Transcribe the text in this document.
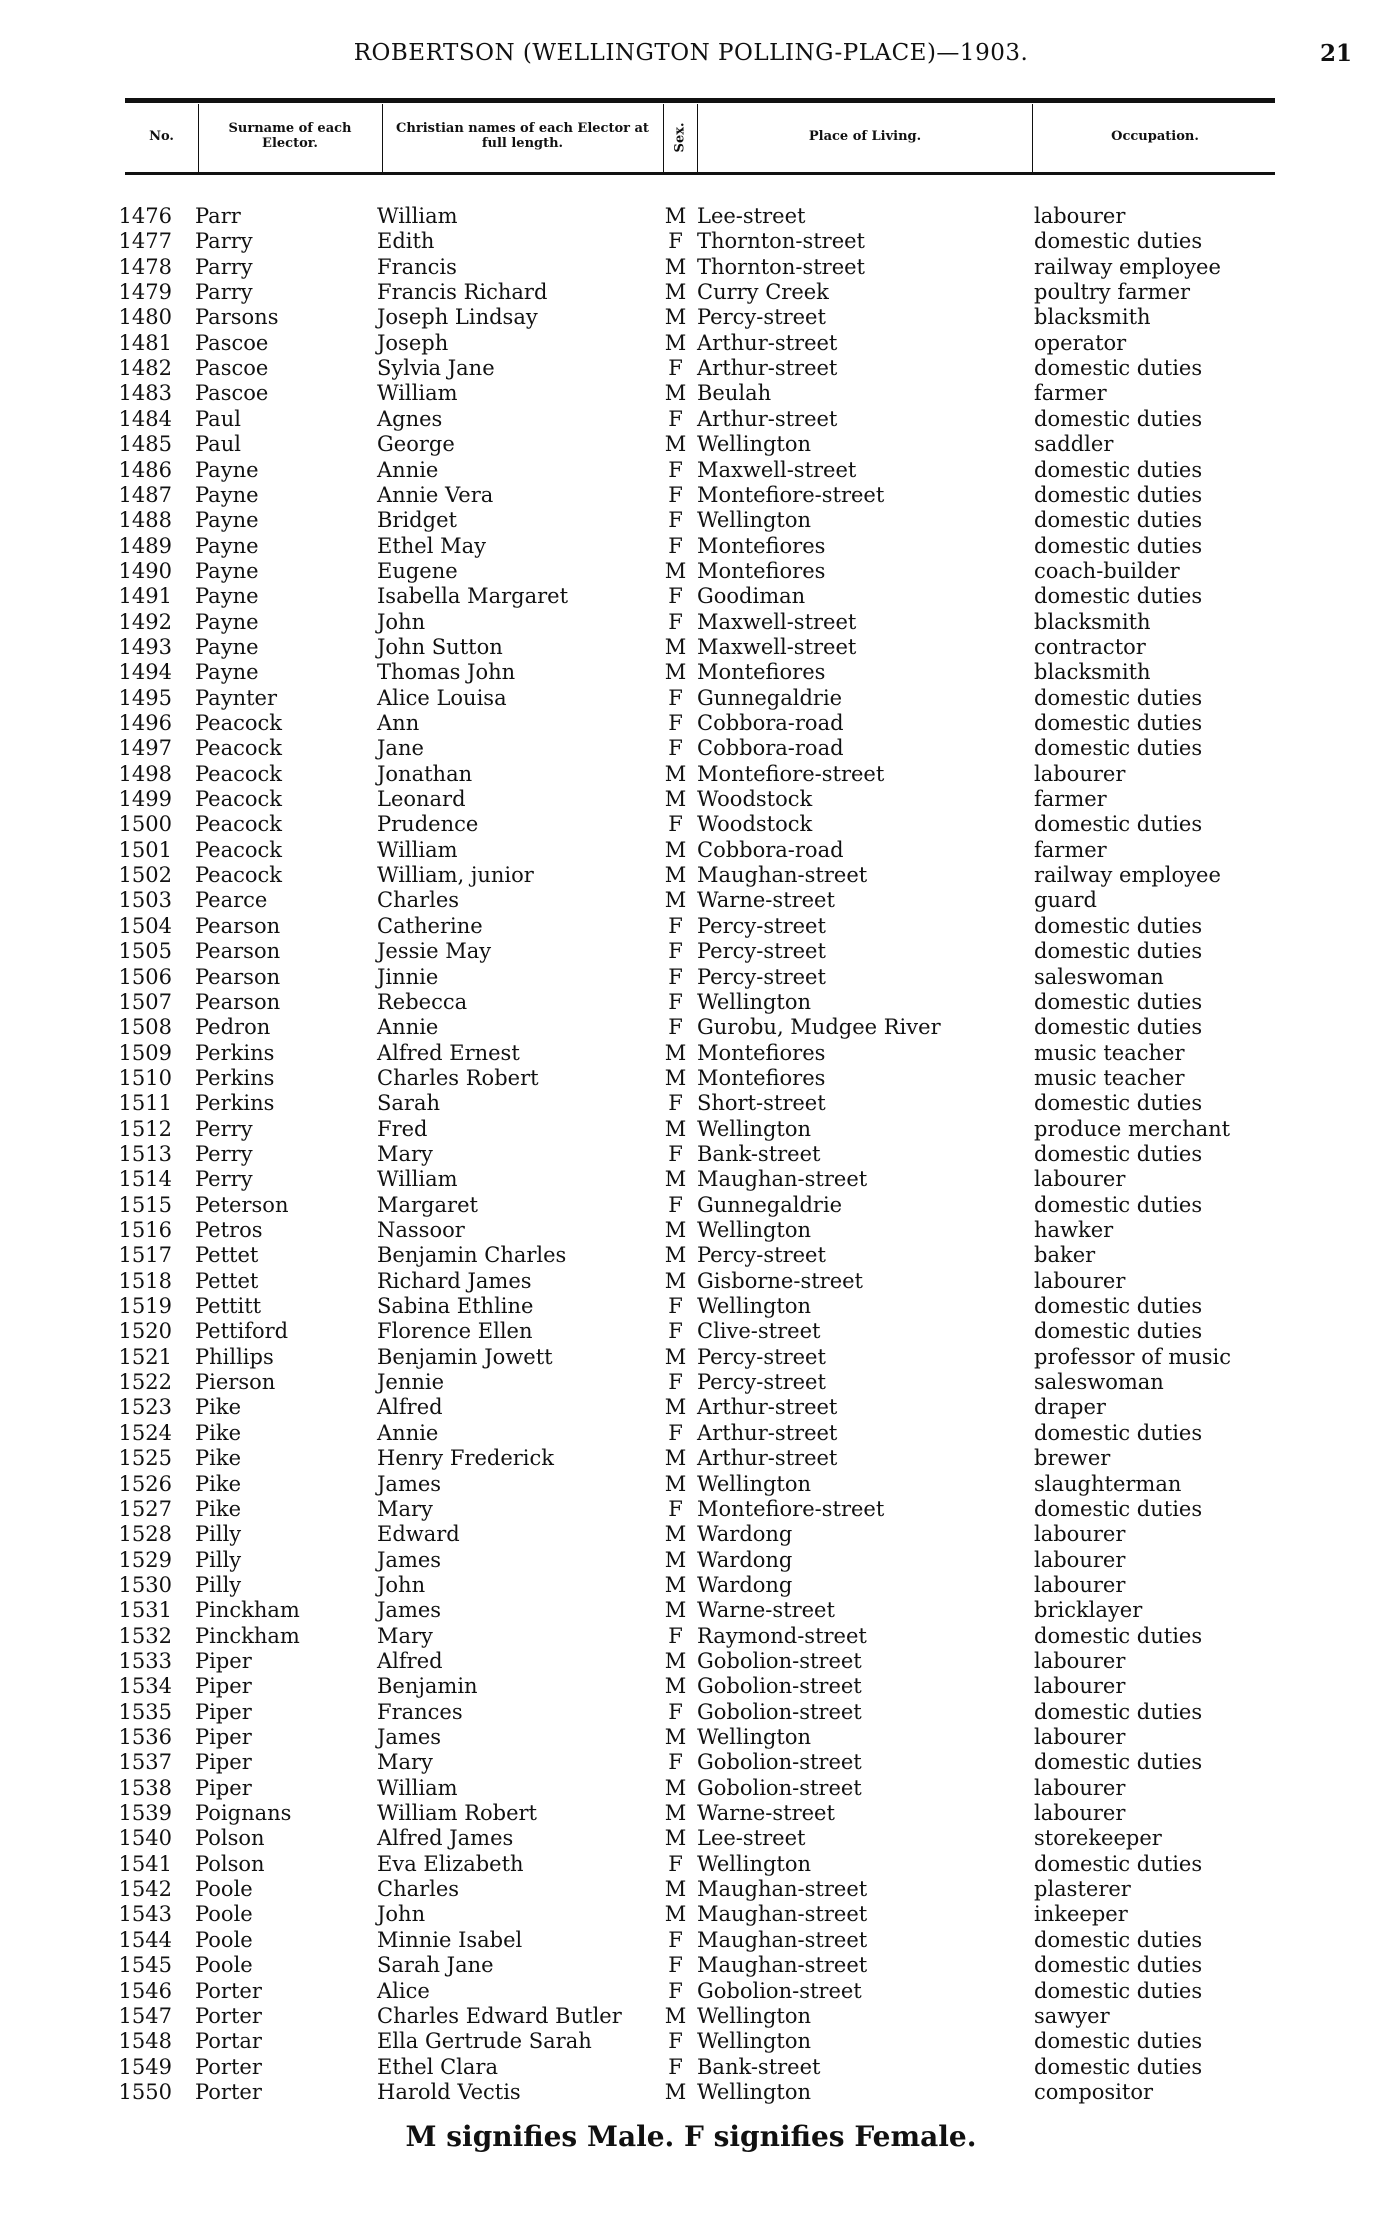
ROBERTSON (WELLINGTON POLLING-PLACE)—1903.	21
No.	Surname of each Elector.
Christian names of each Elector at full length.	Sex.	Place of Living.	Occupation.
1476 Parr	William	M Lee-street	labourer
1477 Parry	Edith	F Thornton-street	domestic duties
1478 Parry	Francis	M Thornton-street	railway employee
1479 Parry	Francis Richard	M Curry Creek	poultry farmer
1480 Parsons	Joseph Lindsay	M Percy-street	blacksmith
1481 Pascoe	Joseph	M Arthur-street	operator
1482 Pascoe	Sylvia Jane	F Arthur-street	domestic duties
1483 Pascoe	William	M Beulah	farmer
1484 Paul	Agnes	F Arthur-street	domestic duties
1485 Paul	George	M Wellington	saddler
1486 Payne	Annie	F Maxwell-street	domestic duties
1487 Payne	Annie Vera	F Montefiore-street	domestic duties
1488 Payne	Bridget	F Wellington	domestic duties
1489 Payne	Ethel May	F Montefiores	domestic duties
1490 Payne	Eugene	M Montefiores	coach-builder
1491 Payne	Isabella Margaret	F Goodiman	domestic duties
1492 Payne	John	F Maxwell-street	blacksmith
1493 Payne	John Sutton	M Maxwell-street	contractor
1494 Payne	Thomas John	M Montefiores	blacksmith
1495 Paynter	Alice Louisa	F Gunnegaldrie	domestic duties
1496 Peacock	Ann	F Cobbora-road	domestic duties
1497 Peacock	Jane	F Cobbora-road	domestic duties
1498 Peacock	Jonathan	M Montefiore-street	labourer
1499 Peacock	Leonard	M Woodstock	farmer
1500 Peacock	Prudence	F Woodstock	domestic duties
1501 Peacock	William	M Cobbora-road	farmer
1502 Peacock	William, junior	M Maughan-street	railway employee
1503 Pearce	Charles	M Warne-street	guard
1504 Pearson	Catherine	F Percy-street	domestic duties
1505 Pearson	Jessie May	F Percy-street	domestic duties
1506 Pearson	Jinnie	F Percy-street	saleswoman
1507 Pearson	Rebecca	F Wellington	domestic duties
1508 Pedron	Annie	F Gurobu, Mudgee River	domestic duties
1509 Perkins	Alfred Ernest	M Montefiores	music teacher
1510 Perkins	Charles Robert	M Montefiores	music teacher
1511 Perkins	Sarah	F Short-street	domestic duties
1512 Perry	Fred	M Wellington	produce merchant
1513 Perry	Mary	F Bank-street	domestic duties
1514 Perry	William	M Maughan-street	labourer
1515 Peterson	Margaret	F Gunnegaldrie	domestic duties
1516 Petros	Nassoor	M Wellington	hawker
1517 Pettet	Benjamin Charles	M Percy-street	baker
1518 Pettet	Richard James	M Gisborne-street	labourer
1519 Pettitt	Sabina Ethline	F Wellington	domestic duties
1520 Pettiford	Florence Ellen	F Clive-street	domestic duties
1521 Phillips	Benjamin Jowett	M Percy-street	professor of music
1522 Pierson	Jennie	F Percy-street	saleswoman
1523 Pike	Alfred	M Arthur-street	draper
1524 Pike	Annie	F Arthur-street	domestic duties
1525 Pike	Henry Frederick	M Arthur-street	brewer
1526 Pike	James	M Wellington	slaughterman
1527 Pike	Mary	F Montefiore-street	domestic duties
1528 Pilly	Edward	M Wardong	labourer
1529 Pilly	James	M Wardong	labourer
1530 Pilly	John	M Wardong	labourer
1531 Pinckham	James	M Warne-street	bricklayer
1532 Pinckham	Mary	F Raymond-street	domestic duties
1533 Piper	Alfred	M Gobolion-street	labourer
1534 Piper	Benjamin	M Gobolion-street	labourer
1535 Piper	Frances	F Gobolion-street	domestic duties
1536 Piper	James	M Wellington	labourer
1537 Piper	Mary	F Gobolion-street	domestic duties
1538 Piper	William	M Gobolion-street	labourer
1539 Poignans	William Robert	M Warne-street	labourer
1540 Polson	Alfred James	M Lee-street	storekeeper
1541 Polson	Eva Elizabeth	F Wellington	domestic duties
1542 Poole	Charles	M Maughan-street	plasterer
1543 Poole	John	M Maughan-street	inkeeper
1544 Poole	Minnie Isabel	F Maughan-street	domestic duties
1545 Poole	Sarah Jane	F Maughan-street	domestic duties
1546 Porter	Alice	F Gobolion-street	domestic duties
1547 Porter	Charles Edward Butler M Wellington	sawyer
1548 Portar	Ella Gertrude Sarah	F Wellington	domestic duties
1549 Porter	Ethel Clara	F Bank-street	domestic duties
1550 Porter	Harold Vectis	M Wellington	compositor
M signifies Male. F signifies Female.
